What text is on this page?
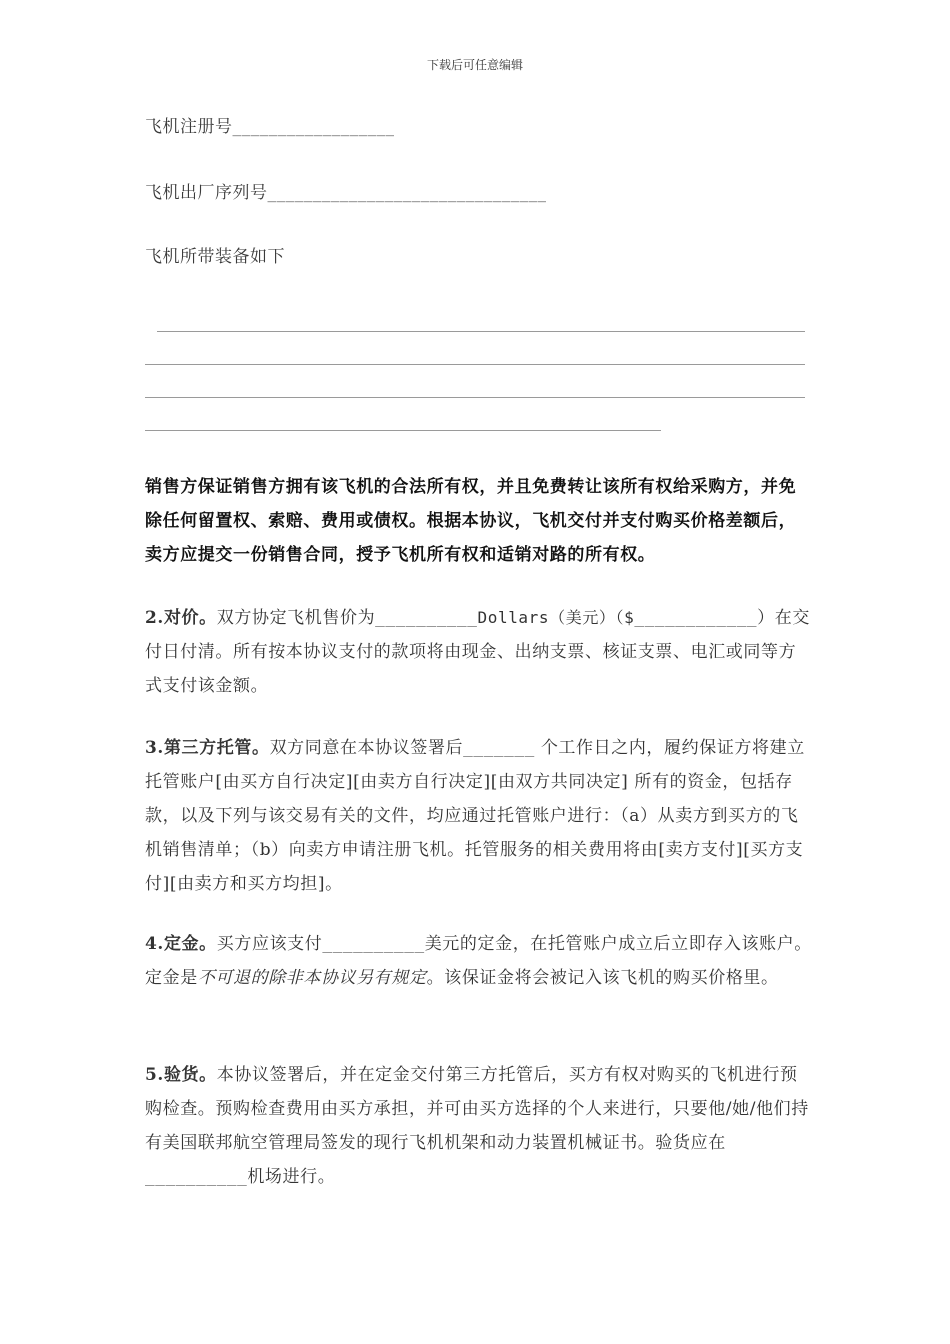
下载后可任意编辑
飞机注册号__________________
飞机出厂序列号_______________________________
飞机所带装备如下
销售方保证销售方拥有该飞机的合法所有权，并且免费转让该所有权给采购方，并免除任何留置权、索赔、费用或债权。根据本协议，飞机交付并支付购买价格差额后，卖方应提交一份销售合同，授予飞机所有权和适销对路的所有权。
2.对价。双方协定飞机售价为__________Dollars（美元）（$____________）在交付日付清。所有按本协议支付的款项将由现金、出纳支票、核证支票、电汇或同等方式支付该金额。
3.第三方托管。双方同意在本协议签署后_______ 个工作日之内，履约保证方将建立托管账户[由买方自行决定][由卖方自行决定][由双方共同决定] 所有的资金，包括存款，以及下列与该交易有关的文件，均应通过托管账户进行：（a）从卖方到买方的飞机销售清单；（b）向卖方申请注册飞机。托管服务的相关费用将由[卖方支付][买方支付][由卖方和买方均担]。
4.定金。买方应该支付__________美元的定金，在托管账户成立后立即存入该账户。定金是不可退的除非本协议另有规定。该保证金将会被记入该飞机的购买价格里。
5.验货。本协议签署后，并在定金交付第三方托管后，买方有权对购买的飞机进行预购检查。预购检查费用由买方承担，并可由买方选择的个人来进行，只要他/她/他们持有美国联邦航空管理局签发的现行飞机机架和动力装置机械证书。验货应在__________机场进行。
